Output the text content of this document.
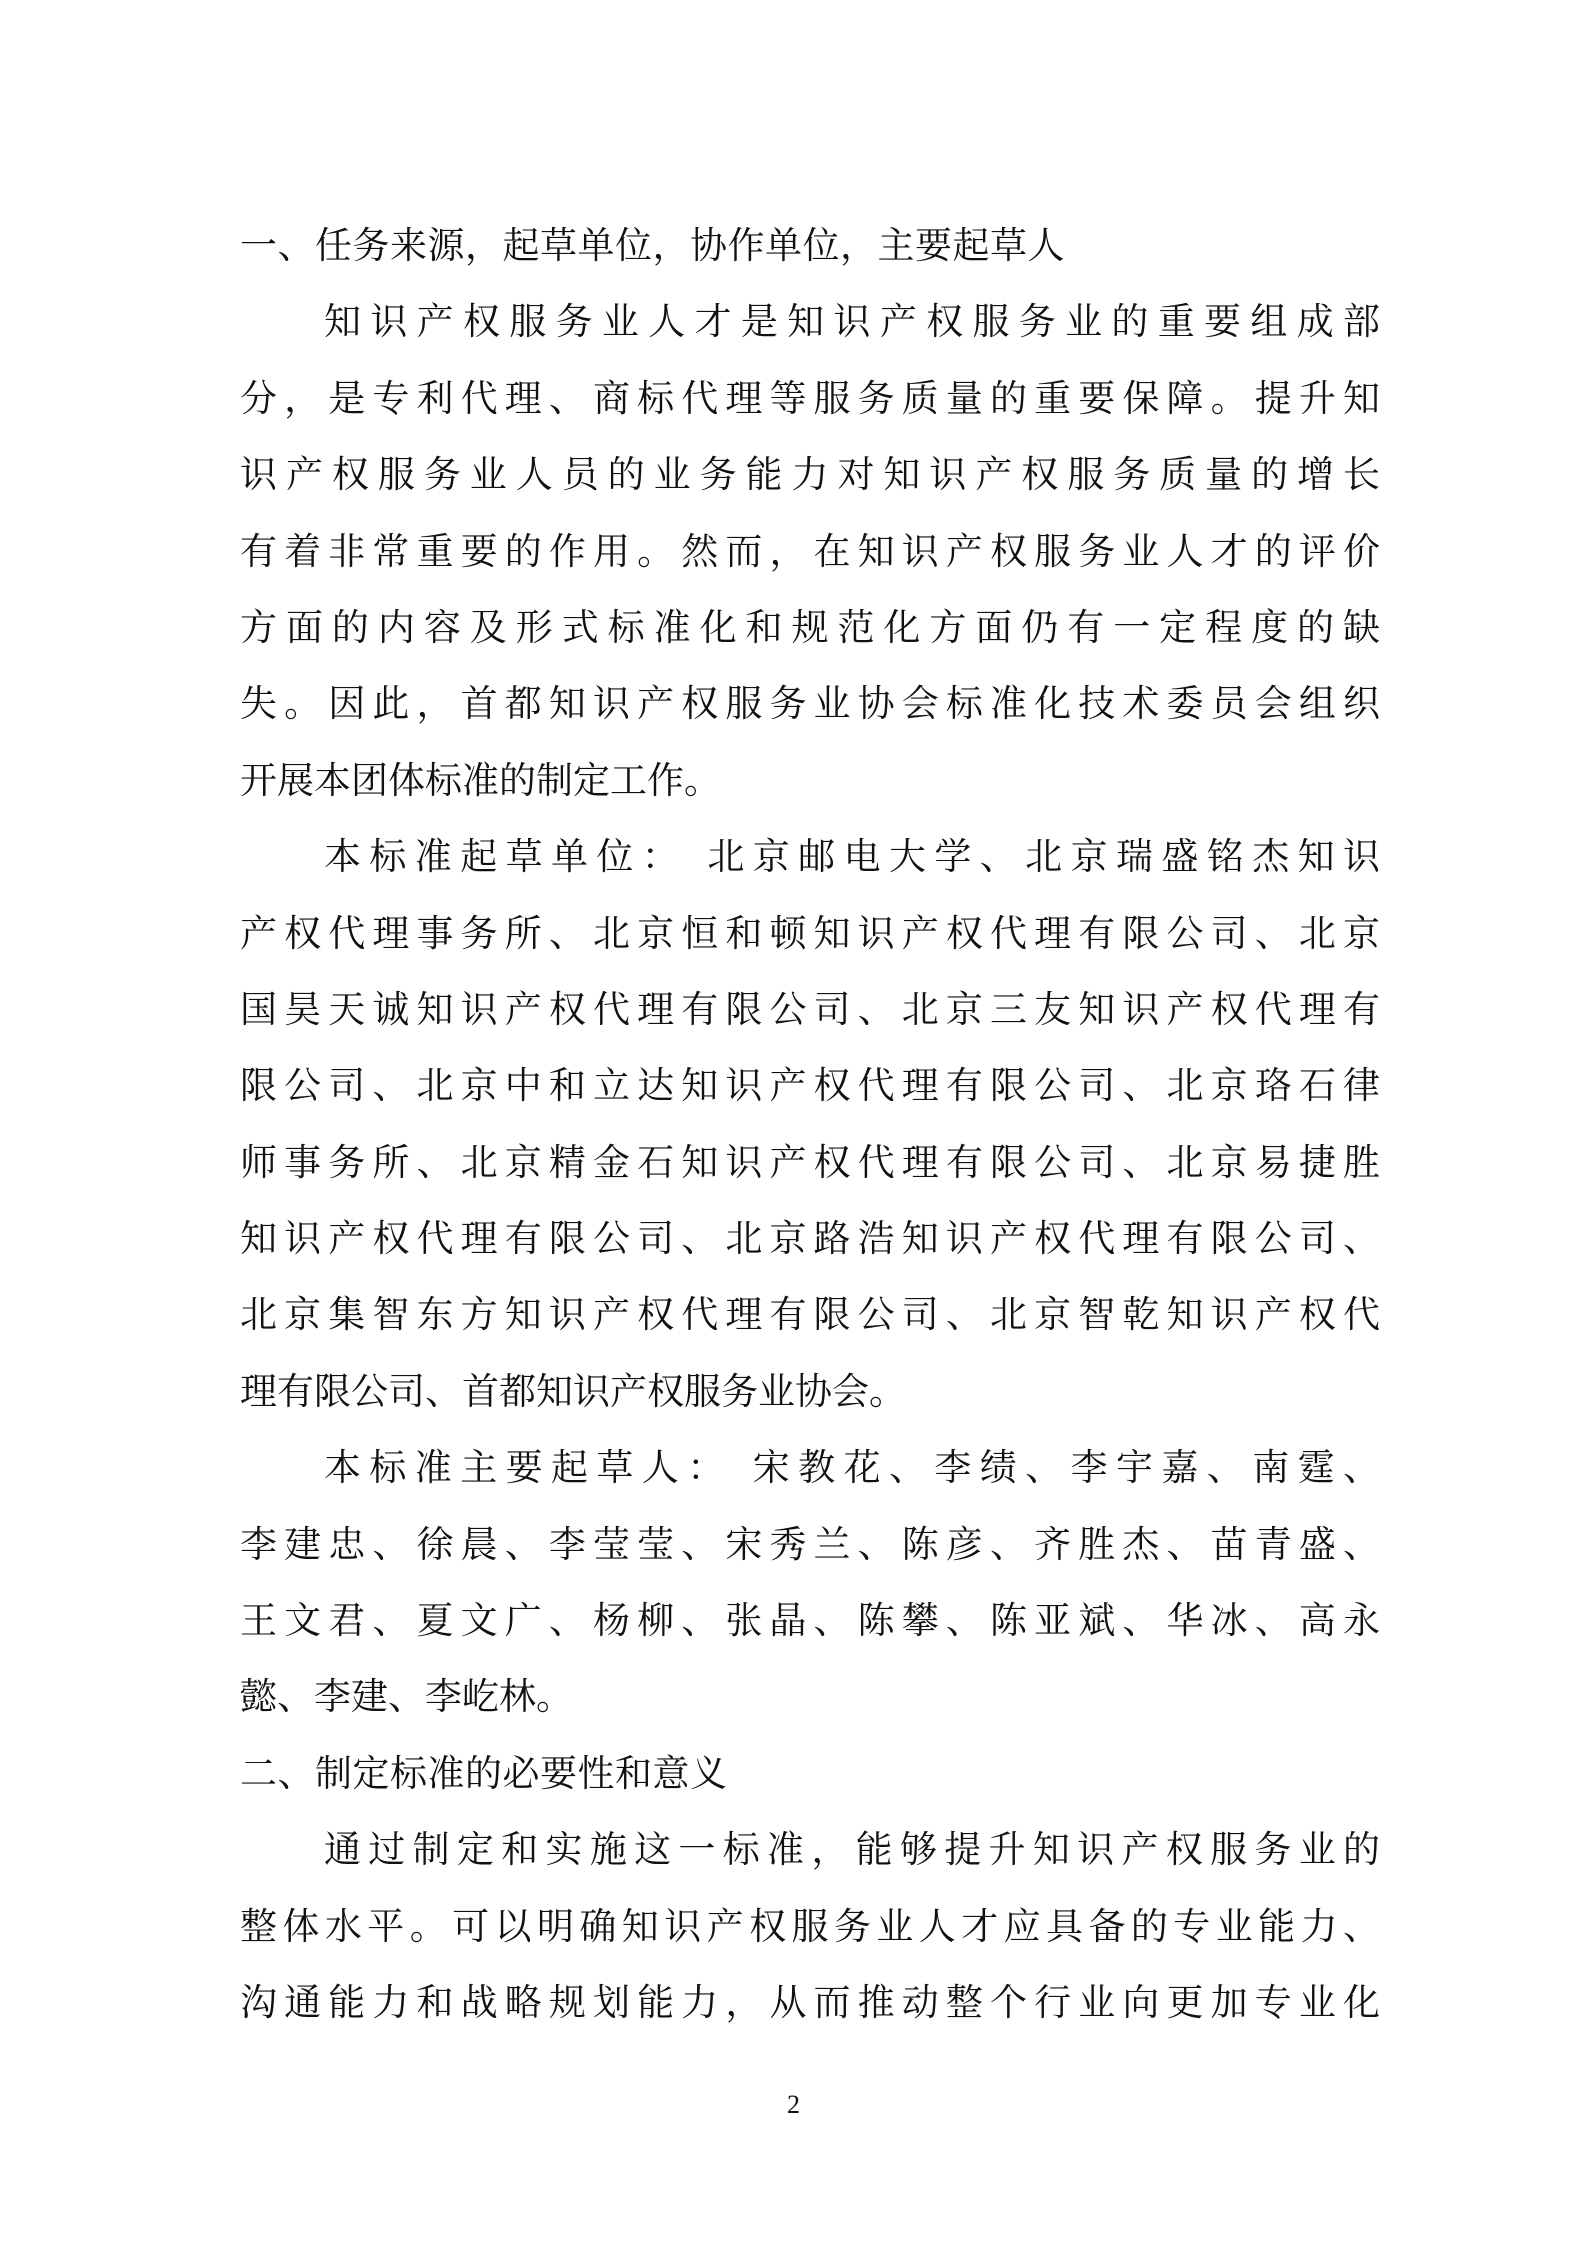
一、任务来源，起草单位，协作单位，主要起草人
知识产权服务业人才是知识产权服务业的重要组成部
分，是专利代理、商标代理等服务质量的重要保障。提升知
识产权服务业人员的业务能力对知识产权服务质量的增长
有着非常重要的作用。然而，在知识产权服务业人才的评价
方面的内容及形式标准化和规范化方面仍有一定程度的缺
失。因此，首都知识产权服务业协会标准化技术委员会组织
开展本团体标准的制定工作。
本标准起草单位： 北京邮电大学、北京瑞盛铭杰知识
产权代理事务所、北京恒和顿知识产权代理有限公司、北京
国昊天诚知识产权代理有限公司、北京三友知识产权代理有
限公司、北京中和立达知识产权代理有限公司、北京珞石律
师事务所、北京精金石知识产权代理有限公司、北京易捷胜
知识产权代理有限公司、北京路浩知识产权代理有限公司、
北京集智东方知识产权代理有限公司、北京智乾知识产权代
理有限公司、首都知识产权服务业协会。
本标准主要起草人： 宋教花、李绩、李宇嘉、南霆、
李建忠、徐晨、李莹莹、宋秀兰、陈彦、齐胜杰、苗青盛、
王文君、夏文广、杨柳、张晶、陈攀、陈亚斌、华冰、高永
懿、李建、李屹林。
二、制定标准的必要性和意义
通过制定和实施这一标准，能够提升知识产权服务业的
整体水平。可以明确知识产权服务业人才应具备的专业能力、
沟通能力和战略规划能力，从而推动整个行业向更加专业化
2
